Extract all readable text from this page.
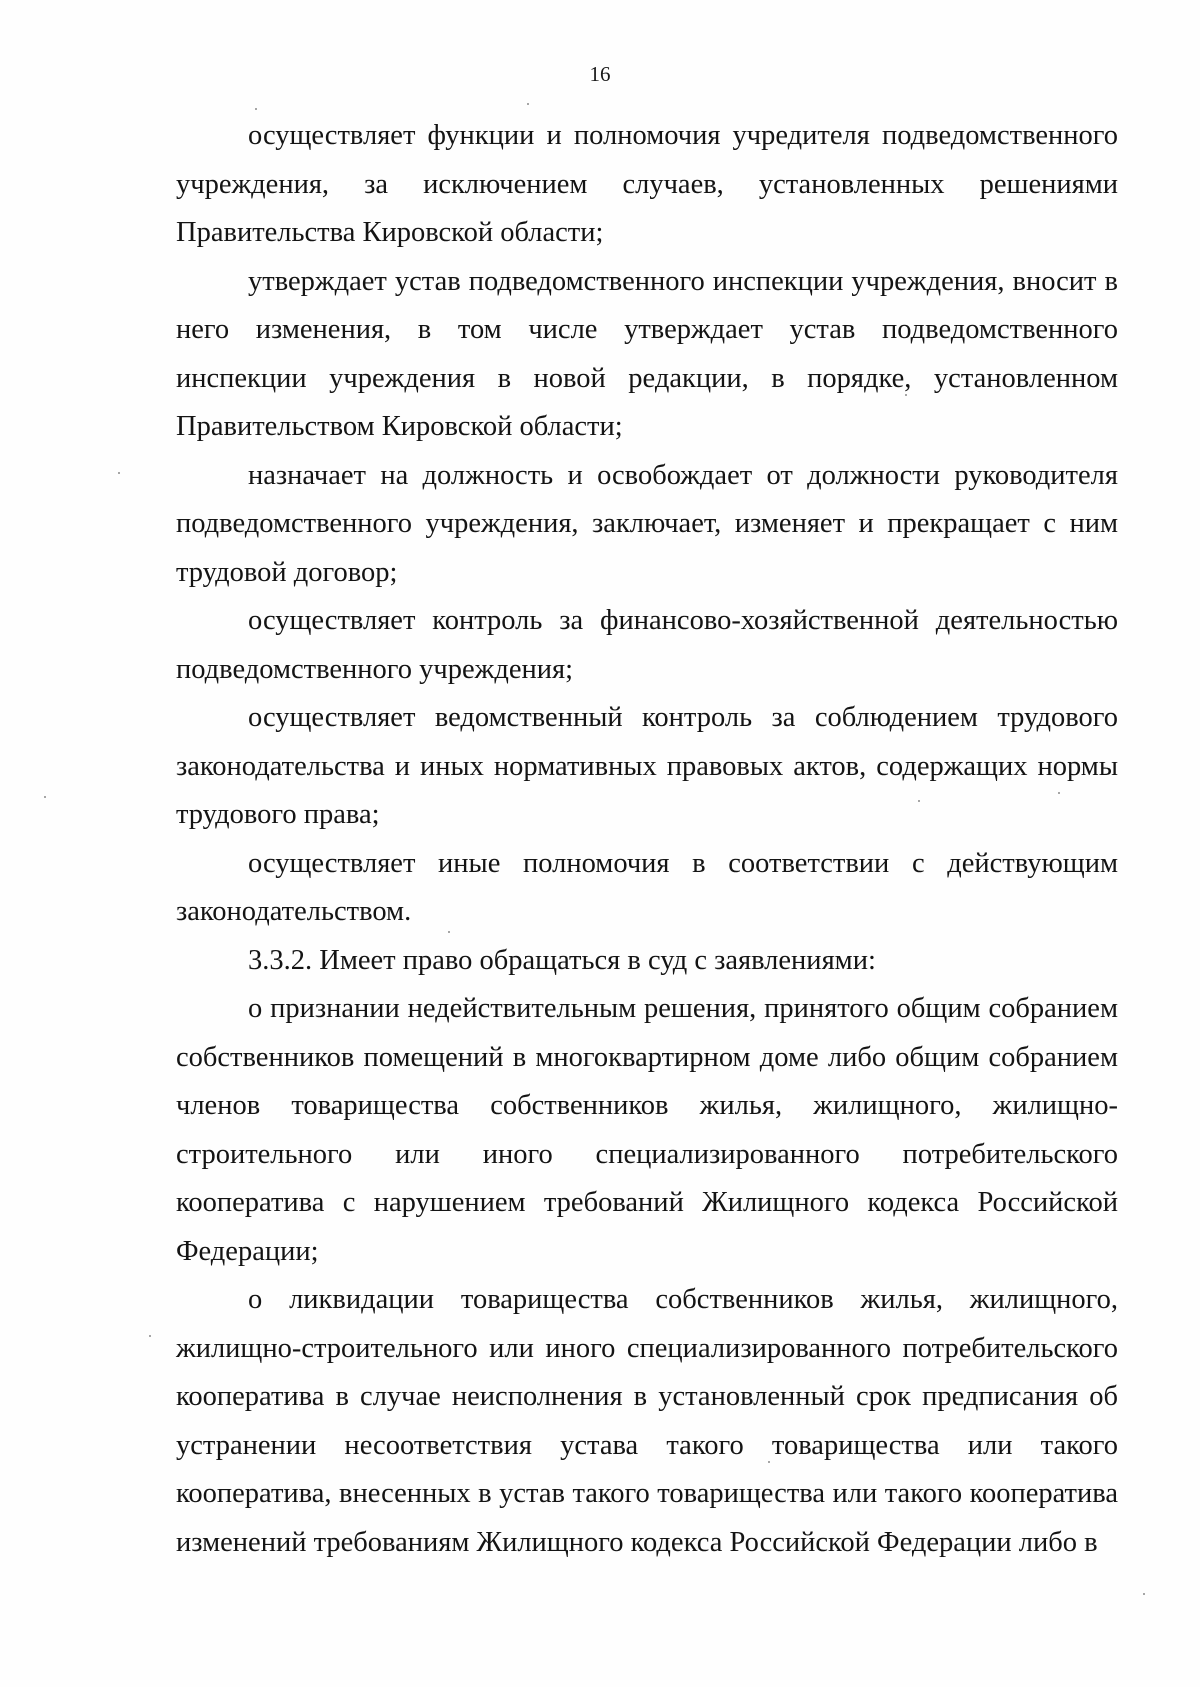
16

осуществляет функции и полномочия учредителя подведомственного учреждения, за исключением случаев, установленных решениями Правительства Кировской области;

утверждает устав подведомственного инспекции учреждения, вносит в него изменения, в том числе утверждает устав подведомственного инспекции учреждения в новой редакции, в порядке, установленном Правительством Кировской области;

назначает на должность и освобождает от должности руководителя подведомственного учреждения, заключает, изменяет и прекращает с ним трудовой договор;

осуществляет контроль за финансово-хозяйственной деятельностью подведомственного учреждения;

осуществляет ведомственный контроль за соблюдением трудового законодательства и иных нормативных правовых актов, содержащих нормы трудового права;

осуществляет иные полномочия в соответствии с действующим законодательством.

3.3.2. Имеет право обращаться в суд с заявлениями:

о признании недействительным решения, принятого общим собранием собственников помещений в многоквартирном доме либо общим собранием членов товарищества собственников жилья, жилищного, жилищно-строительного или иного специализированного потребительского кооператива с нарушением требований Жилищного кодекса Российской Федерации;

о ликвидации товарищества собственников жилья, жилищного, жилищно-строительного или иного специализированного потребительского кооператива в случае неисполнения в установленный срок предписания об устранении несоответствия устава такого товарищества или такого кооператива, внесенных в устав такого товарищества или такого кооператива изменений требованиям Жилищного кодекса Российской Федерации либо в
